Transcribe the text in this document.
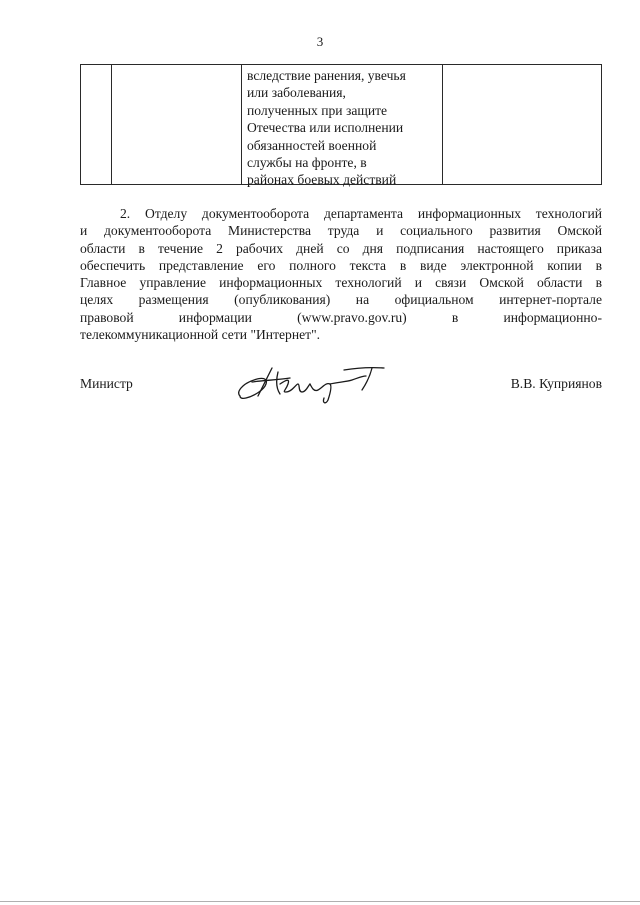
3
вследствие ранения, увечья
или заболевания,
полученных при защите
Отечества или исполнении
обязанностей военной
службы на фронте, в
районах боевых действий
2. Отделу документооборота департамента информационных технологий
и документооборота Министерства труда и социального развития Омской
области в течение 2 рабочих дней со дня подписания настоящего приказа
обеспечить представление его полного текста в виде электронной копии в
Главное управление информационных технологий и связи Омской области в
целях размещения (опубликования) на официальном интернет-портале
правовой информации (www.pravo.gov.ru) в информационно-
телекоммуникационной сети "Интернет".
Министр	В.В. Куприянов
